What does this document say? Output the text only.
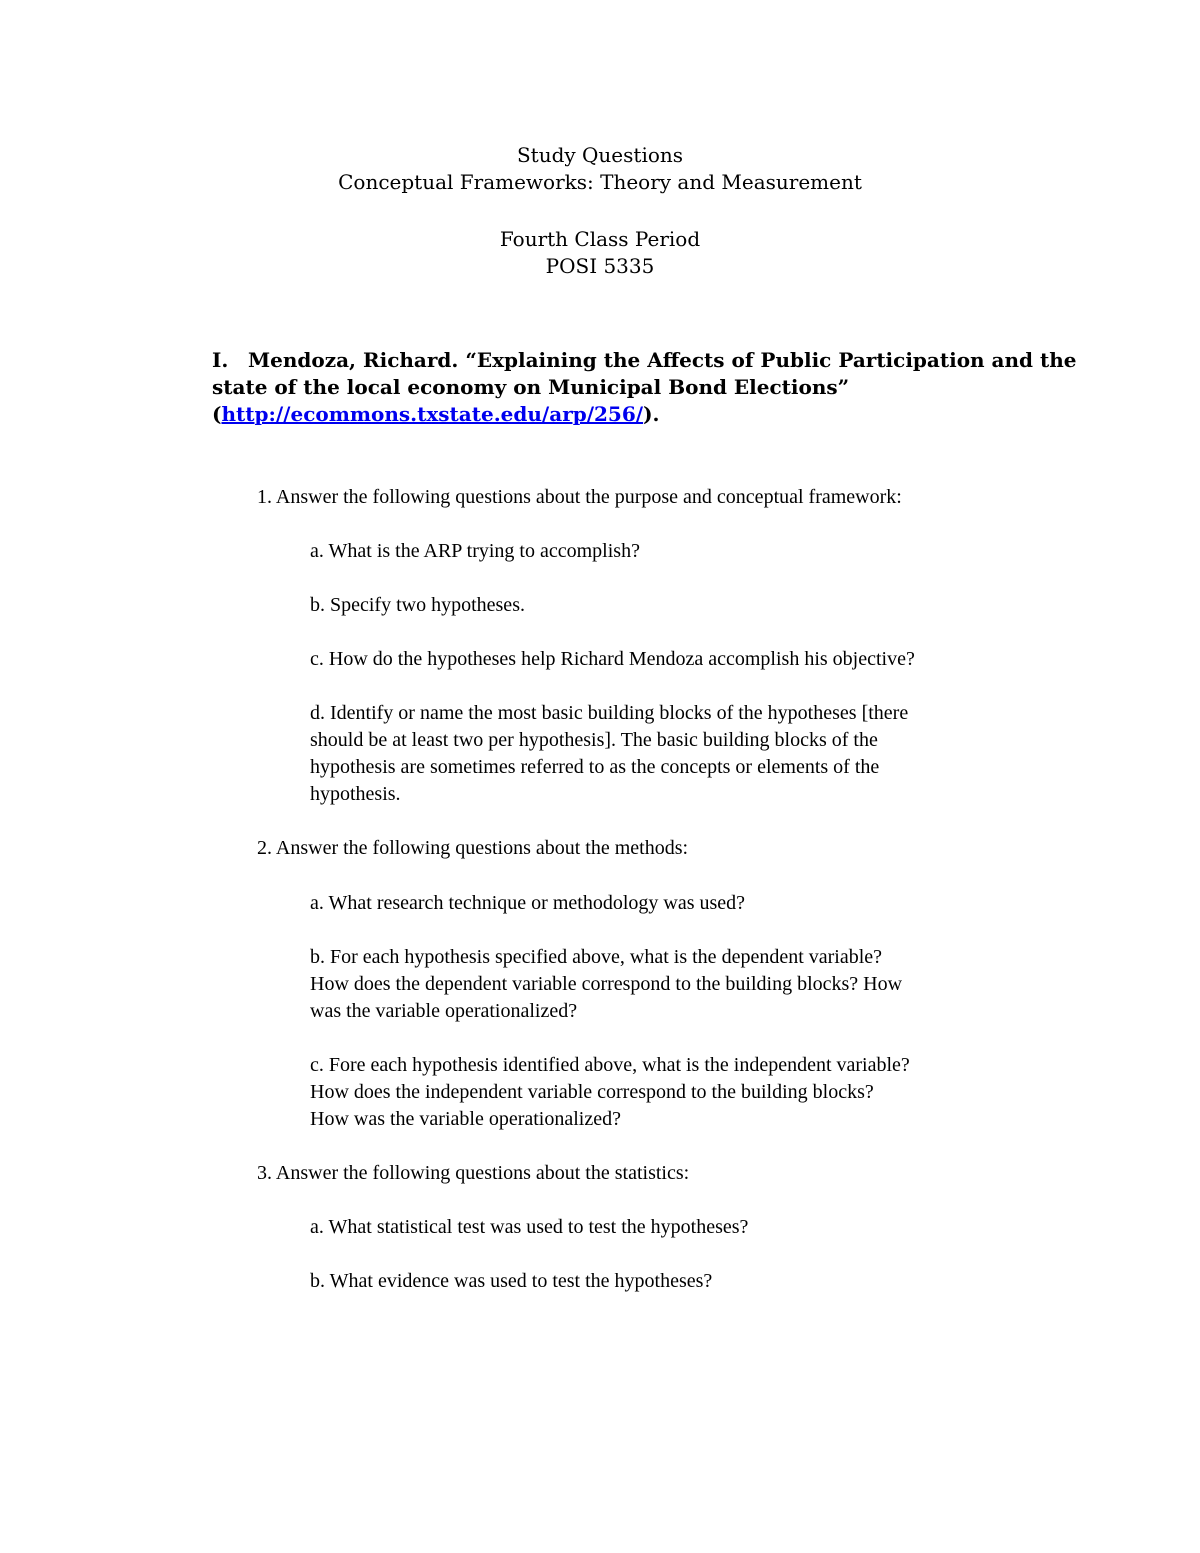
Study Questions
Conceptual Frameworks: Theory and Measurement
Fourth Class Period
POSI 5335
I. Mendoza, Richard. “Explaining the Affects of Public Participation and the
state of the local economy on Municipal Bond Elections”
(http://ecommons.txstate.edu/arp/256/).
1. Answer the following questions about the purpose and conceptual framework:
a. What is the ARP trying to accomplish?
b. Specify two hypotheses.
c. How do the hypotheses help Richard Mendoza accomplish his objective?
d. Identify or name the most basic building blocks of the hypotheses [there
should be at least two per hypothesis]. The basic building blocks of the
hypothesis are sometimes referred to as the concepts or elements of the
hypothesis.
2. Answer the following questions about the methods:
a. What research technique or methodology was used?
b. For each hypothesis specified above, what is the dependent variable?
How does the dependent variable correspond to the building blocks? How
was the variable operationalized?
c. Fore each hypothesis identified above, what is the independent variable?
How does the independent variable correspond to the building blocks?
How was the variable operationalized?
3. Answer the following questions about the statistics:
a. What statistical test was used to test the hypotheses?
b. What evidence was used to test the hypotheses?
